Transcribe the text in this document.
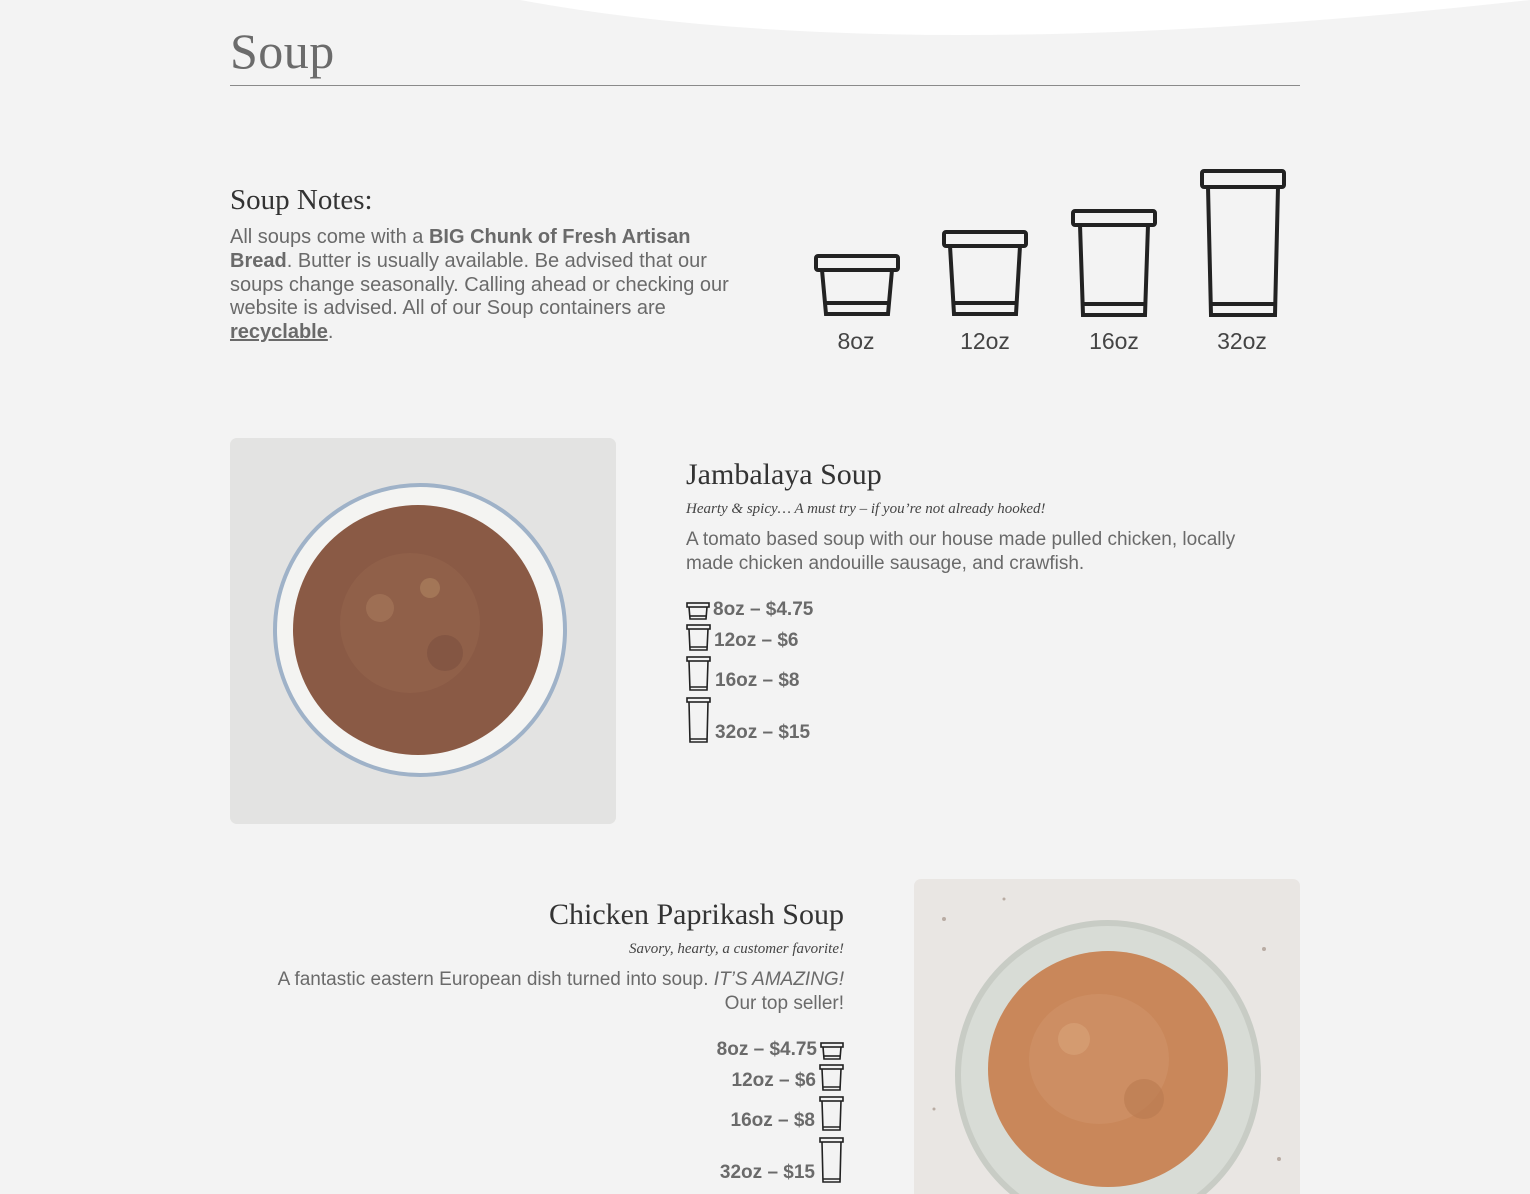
Soup
Soup Notes:

All soups come with a BIG Chunk of Fresh Artisan Bread. Butter is usually available. Be advised that our soups change seasonally. Calling ahead or checking our website is advised. All of our Soup containers are recyclable.	8oz	12oz	16oz	32oz
Jambalaya Soup

Hearty & spicy… A must try – if you’re not already hooked!

A tomato based soup with our house made pulled chicken, locally made chicken andouille sausage, and crawfish.

8oz – $4.75
12oz – $6
16oz – $8
32oz – $15
Chicken Paprikash Soup

Savory, hearty, a customer favorite!

A fantastic eastern European dish turned into soup. IT’S AMAZING!
Our top seller!

8oz – $4.75
12oz – $6
16oz – $8
32oz – $15
